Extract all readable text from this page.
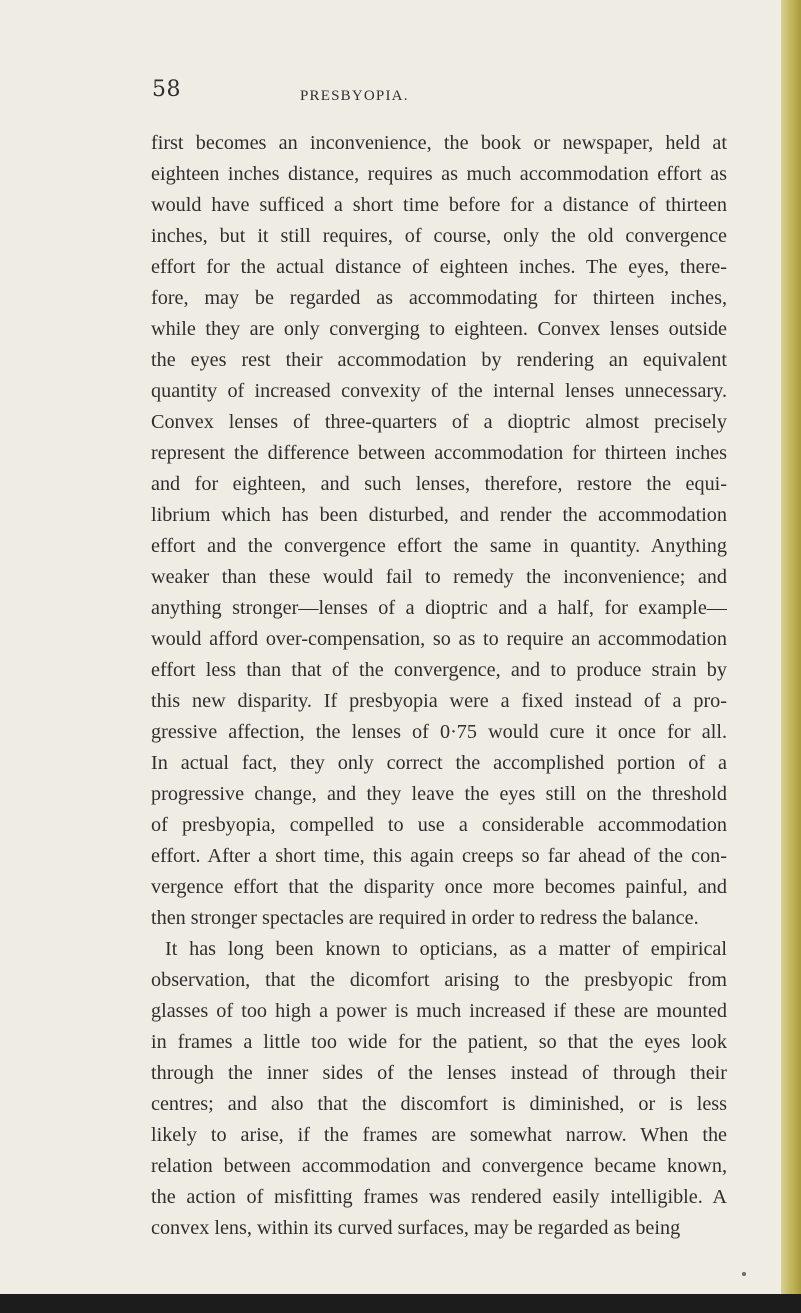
58	PRESBYOPIA.
first becomes an inconvenience, the book or newspaper, held at
eighteen inches distance, requires as much accommodation effort as
would have sufficed a short time before for a distance of thirteen
inches, but it still requires, of course, only the old convergence
effort for the actual distance of eighteen inches. The eyes, there-
fore, may be regarded as accommodating for thirteen inches,
while they are only converging to eighteen. Convex lenses outside
the eyes rest their accommodation by rendering an equivalent
quantity of increased convexity of the internal lenses unnecessary.
Convex lenses of three-quarters of a dioptric almost precisely
represent the difference between accommodation for thirteen inches
and for eighteen, and such lenses, therefore, restore the equi-
librium which has been disturbed, and render the accommodation
effort and the convergence effort the same in quantity. Anything
weaker than these would fail to remedy the inconvenience; and
anything stronger—lenses of a dioptric and a half, for example—
would afford over-compensation, so as to require an accommodation
effort less than that of the convergence, and to produce strain by
this new disparity. If presbyopia were a fixed instead of a pro-
gressive affection, the lenses of 0·75 would cure it once for all.
In actual fact, they only correct the accomplished portion of a
progressive change, and they leave the eyes still on the threshold
of presbyopia, compelled to use a considerable accommodation
effort. After a short time, this again creeps so far ahead of the con-
vergence effort that the disparity once more becomes painful, and
then stronger spectacles are required in order to redress the balance.
It has long been known to opticians, as a matter of empirical
observation, that the dicomfort arising to the presbyopic from
glasses of too high a power is much increased if these are mounted
in frames a little too wide for the patient, so that the eyes look
through the inner sides of the lenses instead of through their
centres; and also that the discomfort is diminished, or is less
likely to arise, if the frames are somewhat narrow. When the
relation between accommodation and convergence became known,
the action of misfitting frames was rendered easily intelligible. A
convex lens, within its curved surfaces, may be regarded as being
